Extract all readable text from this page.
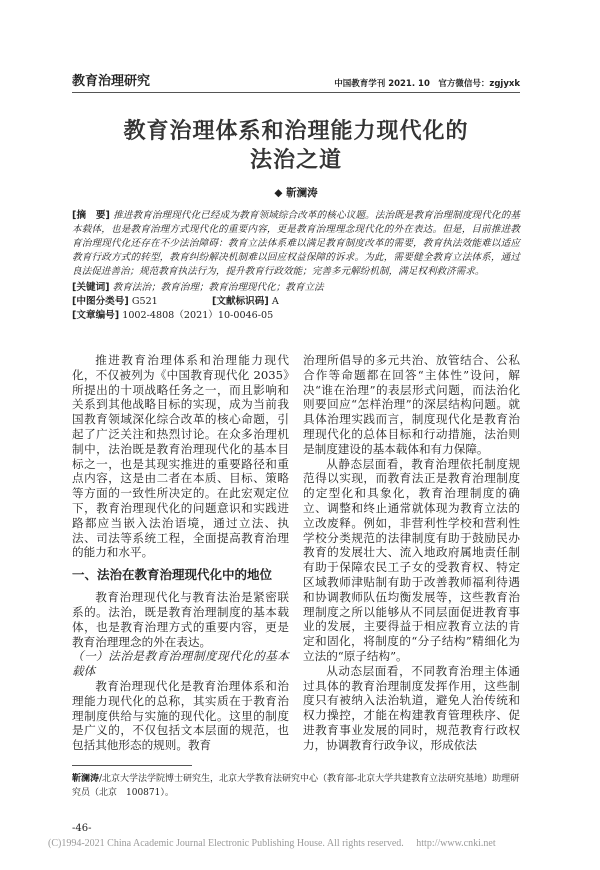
教育治理研究	中国教育学刊 2021. 10　官方微信号：zgjyxk
教育治理体系和治理能力现代化的
法治之道
◆ 靳澜涛
[摘　要] 推进教育治理现代化已经成为教育领域综合改革的核心议题。法治既是教育治理制度现代化的基本载体，也是教育治理方式现代化的重要内容，更是教育治理理念现代化的外在表达。但是，目前推进教育治理现代化还存在不少法治障碍：教育立法体系难以满足教育制度改革的需要，教育执法效能难以适应教育行政方式的转型，教育纠纷解决机制难以回应权益保障的诉求。为此，需要健全教育立法体系，通过良法促进善治；规范教育执法行为，提升教育行政效能；完善多元解纷机制，满足权利救济需求。
[关键词] 教育法治；教育治理；教育治理现代化；教育立法
[中图分类号] G521	[文献标识码] A
[文章编号] 1002-4808（2021）10-0046-05

推进教育治理体系和治理能力现代化，不仅被列为《中国教育现代化 2035》所提出的十项战略任务之一，而且影响和关系到其他战略目标的实现，成为当前我国教育领域深化综合改革的核心命题，引起了广泛关注和热烈讨论。在众多治理机制中，法治既是教育治理现代化的基本目标之一，也是其现实推进的重要路径和重点内容，这是由二者在本质、目标、策略等方面的一致性所决定的。在此宏观定位下，教育治理现代化的问题意识和实践进路都应当嵌入法治语境，通过立法、执法、司法等系统工程，全面提高教育治理的能力和水平。

一、法治在教育治理现代化中的地位

教育治理现代化与教育法治是紧密联系的。法治，既是教育治理制度的基本载体，也是教育治理方式的重要内容，更是教育治理理念的外在表达。

（一）法治是教育治理制度现代化的基本载体

教育治理现代化是教育治理体系和治理能力现代化的总称，其实质在于教育治理制度供给与实施的现代化。这里的制度是广义的，不仅包括文本层面的规范，也包括其他形态的规则。教育

治理所倡导的多元共治、放管结合、公私合作等命题都在回答“主体性”设问，解决“谁在治理”的表层形式问题，而法治化则要回应“怎样治理”的深层结构问题。就具体治理实践而言，制度现代化是教育治理现代化的总体目标和行动措施，法治则是制度建设的基本载体和有力保障。

从静态层面看，教育治理依托制度规范得以实现，而教育法正是教育治理制度的定型化和具象化，教育治理制度的确立、调整和终止通常就体现为教育立法的立改废释。例如，非营利性学校和营利性学校分类规范的法律制度有助于鼓励民办教育的发展壮大、流入地政府属地责任制有助于保障农民工子女的受教育权、特定区域教师津贴制有助于改善教师福利待遇和协调教师队伍均衡发展等，这些教育治理制度之所以能够从不同层面促进教育事业的发展，主要得益于相应教育立法的肯定和固化，将制度的“分子结构”精细化为立法的“原子结构”。

从动态层面看，不同教育治理主体通过具体的教育治理制度发挥作用，这些制度只有被纳入法治轨道，避免人治传统和权力操控，才能在构建教育管理秩序、促进教育事业发展的同时，规范教育行政权力，协调教育行政争议，形成依法

靳澜涛/北京大学法学院博士研究生，北京大学教育法研究中心（教育部-北京大学共建教育立法研究基地）助理研究员（北京　100871）。
-46-
(C)1994-2021 China Academic Journal Electronic Publishing House. All rights reserved.　 http://www.cnki.net
